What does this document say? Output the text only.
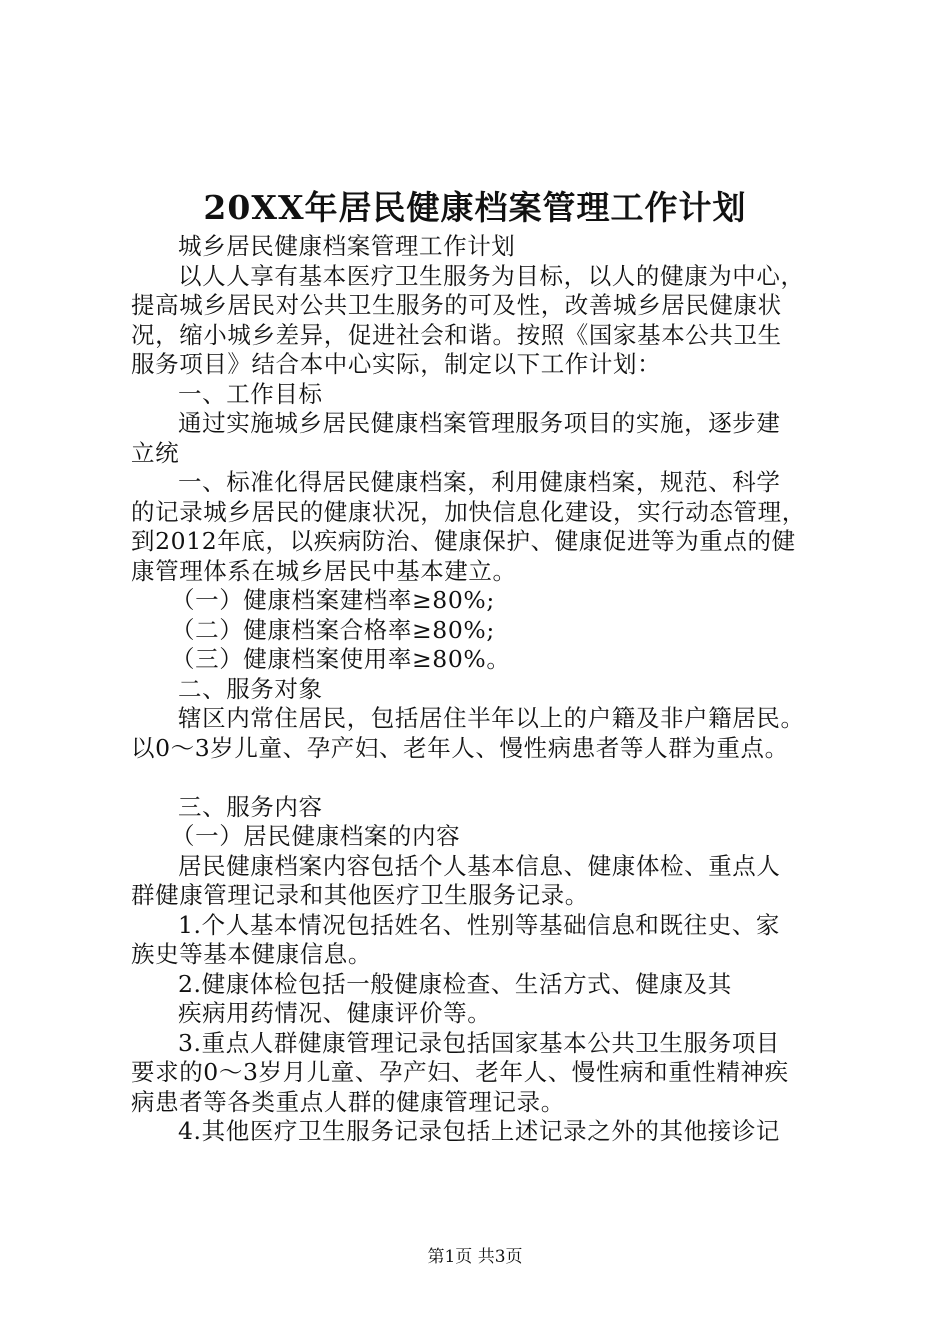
20XX年居民健康档案管理工作计划

城乡居民健康档案管理工作计划

以人人享有基本医疗卫生服务为目标，以人的健康为中心，

提高城乡居民对公共卫生服务的可及性，改善城乡居民健康状

况，缩小城乡差异，促进社会和谐。按照《国家基本公共卫生

服务项目》结合本中心实际，制定以下工作计划：

一、工作目标

通过实施城乡居民健康档案管理服务项目的实施，逐步建

立统

一、标准化得居民健康档案，利用健康档案，规范、科学

的记录城乡居民的健康状况，加快信息化建设，实行动态管理，

到2012年底，以疾病防治、健康保护、健康促进等为重点的健

康管理体系在城乡居民中基本建立。

（一）健康档案建档率≥80%;

（二）健康档案合格率≥80%;

（三）健康档案使用率≥80%。

二、服务对象

辖区内常住居民，包括居住半年以上的户籍及非户籍居民。

以0～3岁儿童、孕产妇、老年人、慢性病患者等人群为重点。

三、服务内容

（一）居民健康档案的内容

居民健康档案内容包括个人基本信息、健康体检、重点人

群健康管理记录和其他医疗卫生服务记录。

1.个人基本情况包括姓名、性别等基础信息和既往史、家

族史等基本健康信息。

2.健康体检包括一般健康检查、生活方式、健康及其

疾病用药情况、健康评价等。

3.重点人群健康管理记录包括国家基本公共卫生服务项目

要求的0～3岁月儿童、孕产妇、老年人、慢性病和重性精神疾

病患者等各类重点人群的健康管理记录。

4.其他医疗卫生服务记录包括上述记录之外的其他接诊记

第1页 共3页
